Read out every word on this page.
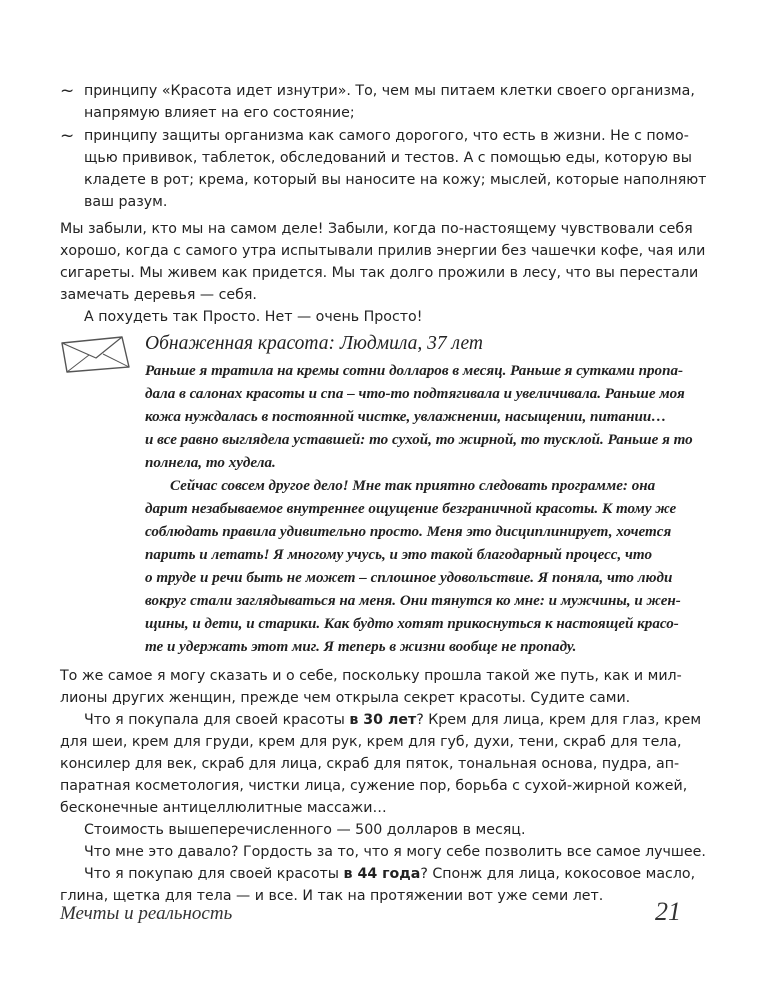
~ принципу «Красота идет изнутри». То, чем мы питаем клетки своего организма,
напрямую влияет на его состояние;
~ принципу защиты организма как самого дорогого, что есть в жизни. Не с помо-
щью прививок, таблеток, обследований и тестов. А с помощью еды, которую вы
кладете в рот; крема, который вы наносите на кожу; мыслей, которые наполняют
ваш разум.
Мы забыли, кто мы на самом деле! Забыли, когда по-настоящему чувствовали себя
хорошо, когда с самого утра испытывали прилив энергии без чашечки кофе, чая или
сигареты. Мы живем как придется. Мы так долго прожили в лесу, что вы перестали
замечать деревья — себя.
А похудеть так Просто. Нет — очень Просто!
Обнаженная красота: Людмила, 37 лет
Раньше я тратила на кремы сотни долларов в месяц. Раньше я сутками пропа-
дала в салонах красоты и спа – что-то подтягивала и увеличивала. Раньше моя
кожа нуждалась в постоянной чистке, увлажнении, насыщении, питании…
и все равно выглядела уставшей: то сухой, то жирной, то тусклой. Раньше я то
полнела, то худела.
Сейчас совсем другое дело! Мне так приятно следовать программе: она
дарит незабываемое внутреннее ощущение безграничной красоты. К тому же
соблюдать правила удивительно просто. Меня это дисциплинирует, хочется
парить и летать! Я многому учусь, и это такой благодарный процесс, что
о труде и речи быть не может – сплошное удовольствие. Я поняла, что люди
вокруг стали заглядываться на меня. Они тянутся ко мне: и мужчины, и жен-
щины, и дети, и старики. Как будто хотят прикоснуться к настоящей красо-
те и удержать этот миг. Я теперь в жизни вообще не пропаду.
То же самое я могу сказать и о себе, поскольку прошла такой же путь, как и мил-
лионы других женщин, прежде чем открыла секрет красоты. Судите сами.
Что я покупала для своей красоты в 30 лет? Крем для лица, крем для глаз, крем
для шеи, крем для груди, крем для рук, крем для губ, духи, тени, скраб для тела,
консилер для век, скраб для лица, скраб для пяток, тональная основа, пудра, ап-
паратная косметология, чистки лица, сужение пор, борьба с сухой-жирной кожей,
бесконечные антицеллюлитные массажи…
Стоимость вышеперечисленного — 500 долларов в месяц.
Что мне это давало? Гордость за то, что я могу себе позволить все самое лучшее.
Что я покупаю для своей красоты в 44 года? Спонж для лица, кокосовое масло,
глина, щетка для тела — и все. И так на протяжении вот уже семи лет.
Мечты и реальность	21
